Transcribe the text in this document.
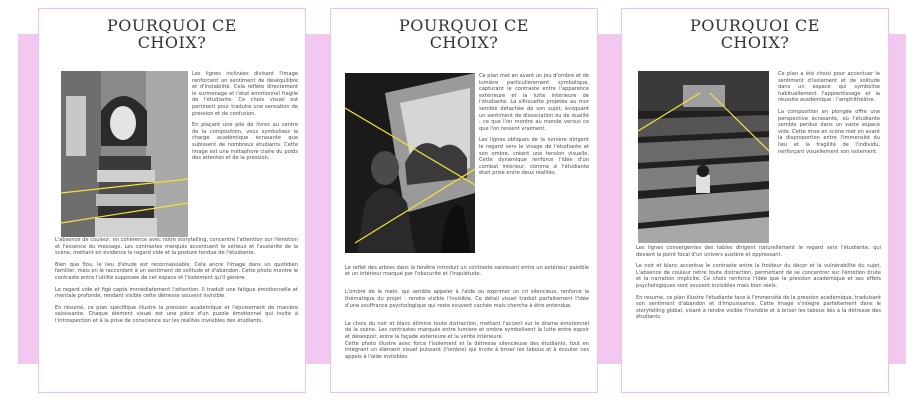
POURQUOI CE
CHOIX?

Les lignes inclinées divisant l'image renforcent un sentiment de déséquilibre et d'instabilité. Cela reflète directement le surmenage et l'état émotionnel fragile de l'étudiante. Ce choix visuel est pertinent pour traduire une sensation de pression et de confusion.

En plaçant une pile de livres au centre de la composition, vous symbolisez la charge académique écrasante que subissent de nombreux étudiants. Cette image est une métaphore claire du poids des attentes et de la pression.

L'absence de couleur, en cohérence avec notre storytelling, concentre l'attention sur l'émotion et l'essence du message. Les contrastes marqués accentuent le sérieux et l'austérité de la scène, mettant en évidence le regard vide et la posture tendue de l'étudiante.

Bien que flou, le lieu d'étude est reconnaissable. Cela ancre l'image dans un quotidien familier, mais en le raccordant à un sentiment de solitude et d'abandon. Cette photo montre le contraste entre l'utilité supposée de cet espace et l'isolement qu'il génère.

Le regard vide et figé capte immédiatement l'attention. Il traduit une fatigue émotionnelle et mentale profonde, rendant visible cette détresse souvent invisible.

En résumé, ce plan spécifique illustre la pression académique et l'épuisement de manière saisissante. Chaque élément visuel est une pièce d'un puzzle émotionnel qui invite à l'introspection et à la prise de conscience sur les réalités invisibles des étudiants.

POURQUOI CE
CHOIX?

Ce plan met en avant un jeu d'ombre et de lumière particulièrement symbolique, capturant le contraste entre l'apparence extérieure et la lutte intérieure de l'étudiante. La silhouette projetée au mur semble détachée de son sujet, évoquant un sentiment de dissociation ou de dualité : ce que l'on montre au monde versus ce que l'on ressent vraiment.

Les lignes obliques de la lumière dirigent le regard vers le visage de l'étudiante et son ombre, créant une tension visuelle. Cette dynamique renforce l'idée d'un combat intérieur, comme si l'étudiante était prise entre deux réalités.

Le reflet des arbres dans la fenêtre introduit un contraste saisissant entre un extérieur paisible et un intérieur marqué par l'obscurité et l'inquiétude.

L'ombre de la main, qui semble appeler à l'aide ou exprimer un cri silencieux, renforce la thématique du projet : rendre visible l'invisible. Ce détail visuel traduit parfaitement l'idée d'une souffrance psychologique qui reste souvent cachée mais cherche à être entendue.

Le choix du noir et blanc élimine toute distraction, mettant l'accent sur le drame émotionnel de la scène. Les contrastes marqués entre lumière et ombre symbolisent la lutte entre espoir et désespoir, entre la façade extérieure et la vérité intérieure.
Cette photo illustre avec force l'isolement et la détresse silencieuse des étudiants, tout en intégrant un élément visuel puissant (l'ombre) qui invite à briser les tabous et à écouter ces appels à l'aide invisibles.

POURQUOI CE
CHOIX?

Ce plan a été choisi pour accentuer le sentiment d'isolement et de solitude dans un espace qui symbolise habituellement l'apprentissage et la réussite académique : l'amphithéâtre.

La composition en plongée offre une perspective écrasante, où l'étudiante semble perdue dans un vaste espace vide. Cette mise en scène met en avant la disproportion entre l'immensité du lieu et la fragilité de l'individu, renforçant visuellement son isolement.

Les lignes convergentes des tables dirigent naturellement le regard vers l'étudiante, qui devient le point focal d'un univers austère et oppressant.

Le noir et blanc accentue le contraste entre la froideur du décor et la vulnérabilité du sujet. L'absence de couleur retire toute distraction, permettant de se concentrer sur l'émotion brute et la narration implicite. Ce choix renforce l'idée que la pression académique et ses effets psychologiques sont souvent invisibles mais bien réels.

En résumé, ce plan illustre l'étudiante face à l'immensité de la pression académique, traduisant son sentiment d'abandon et d'impuissance. Cette image s'intègre parfaitement dans le storytelling global, visant à rendre visible l'invisible et à briser les tabous liés à la détresse des étudiants.
